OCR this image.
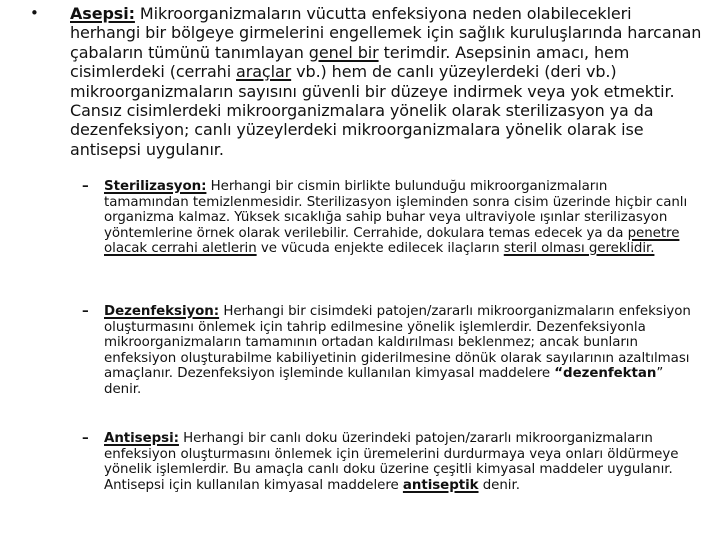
• Asepsi: Mikroorganizmaların vücutta enfeksiyona neden olabilecekleri herhangi bir bölgeye girmelerini engellemek için sağlık kuruluşlarında harcanan çabaların tümünü tanımlayan genel bir terimdir. Asepsinin amacı, hem cisimlerdeki (cerrahi araçlar vb.) hem de canlı yüzeylerdeki (deri vb.) mikroorganizmaların sayısını güvenli bir düzeye indirmek veya yok etmektir. Cansız cisimlerdeki mikroorganizmalara yönelik olarak sterilizasyon ya da dezenfeksiyon; canlı yüzeylerdeki mikroorganizmalara yönelik olarak ise antisepsi uygulanır.
– Sterilizasyon: Herhangi bir cismin birlikte bulunduğu mikroorganizmaların tamamından temizlenmesidir. Sterilizasyon işleminden sonra cisim üzerinde hiçbir canlı organizma kalmaz. Yüksek sıcaklığa sahip buhar veya ultraviyole ışınlar sterilizasyon yöntemlerine örnek olarak verilebilir. Cerrahide, dokulara temas edecek ya da penetre olacak cerrahi aletlerin ve vücuda enjekte edilecek ilaçların steril olması gereklidir.
– Dezenfeksiyon: Herhangi bir cisimdeki patojen/zararlı mikroorganizmaların enfeksiyon oluşturmasını önlemek için tahrip edilmesine yönelik işlemlerdir. Dezenfeksiyonla mikroorganizmaların tamamının ortadan kaldırılması beklenmez; ancak bunların enfeksiyon oluşturabilme kabiliyetinin giderilmesine dönük olarak sayılarının azaltılması amaçlanır. Dezenfeksiyon işleminde kullanılan kimyasal maddelere “dezenfektan” denir.
– Antisepsi: Herhangi bir canlı doku üzerindeki patojen/zararlı mikroorganizmaların enfeksiyon oluşturmasını önlemek için üremelerini durdurmaya veya onları öldürmeye yönelik işlemlerdir. Bu amaçla canlı doku üzerine çeşitli kimyasal maddeler uygulanır. Antisepsi için kullanılan kimyasal maddelere antiseptik denir.
